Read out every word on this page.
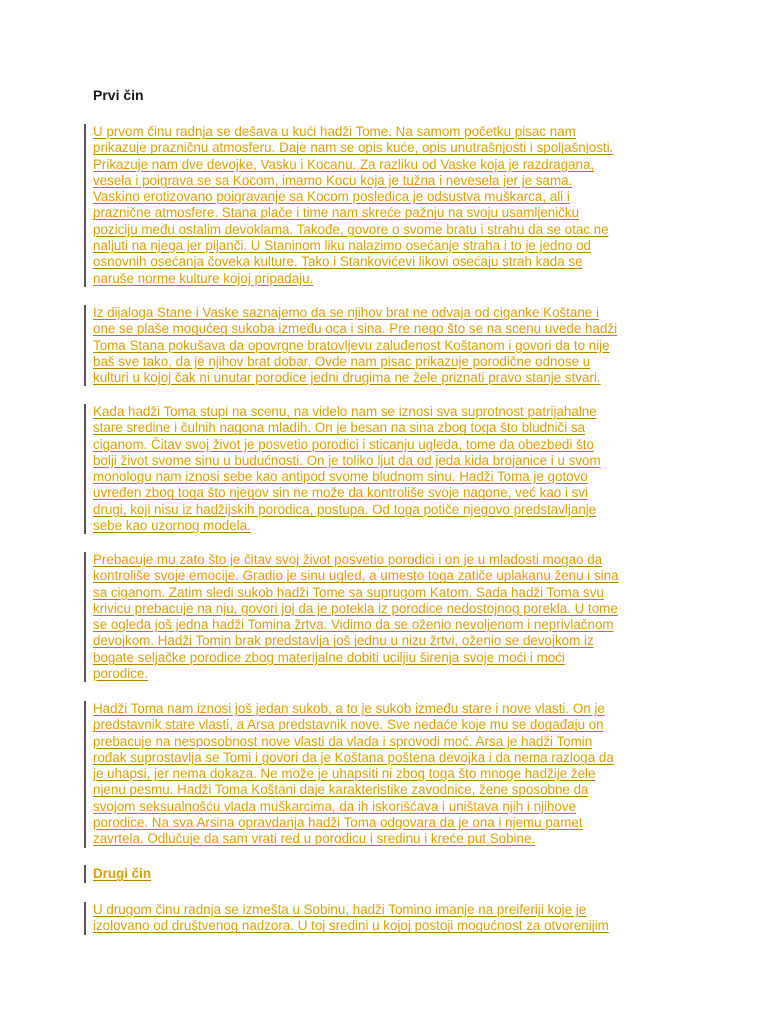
Prvi čin

U prvom činu radnja se dešava u kući hadži Tome. Na samom početku pisac nam
prikazuje prazničnu atmosferu. Daje nam se opis kuće, opis unutrašnjosti i spoljašnjosti.
Prikazuje nam dve devojke, Vasku i Kocanu. Za razliku od Vaske koja je razdragana,
vesela i poigrava se sa Kocom, imamo Kocu koja je tužna i nevesela jer je sama.
Vaskino erotizovano poigravanje sa Kocom posledica je odsustva muškarca, ali i
praznične atmosfere. Stana plače i time nam skreće pažnju na svoju usamljeničku
poziciju među ostalim devoklama. Takođe, govore o svome bratu i strahu da se otac ne
naljuti na njega jer pijanči. U Staninom liku nalazimo osećanje straha i to je jedno od
osnovnih osećanja čoveka kulture. Tako i Stankovićevi likovi osećaju strah kada se
naruše norme kulture kojoj pripadaju.

Iz dijaloga Stane i Vaske saznajemo da se njihov brat ne odvaja od ciganke Koštane i
one se plaše mogućeg sukoba između oca i sina. Pre nego što se na scenu uvede hadži
Toma Stana pokušava da opovrgne bratovljevu zaluđenost Koštanom i govori da to nije
baš sve tako, da je njihov brat dobar. Ovde nam pisac prikazuje porodične odnose u
kulturi u kojoj čak ni unutar porodice jedni drugima ne žele priznati pravo stanje stvari.

Kada hadži Toma stupi na scenu, na videlo nam se iznosi sva suprotnost patrijahalne
stare sredine i čulnih nagona mladih. On je besan na sina zbog toga što bludniči sa
ciganom. Čitav svoj život je posvetio porodici i sticanju ugleda, tome da obezbedi što
bolji život svome sinu u budućnosti. On je toliko ljut da od jeda kida brojanice i u svom
monologu nam iznosi sebe kao antipod svome bludnom sinu. Hadži Toma je gotovo
uvređen zbog toga što njegov sin ne može da kontroliše svoje nagone, već kao i svi
drugi, koji nisu iz hadžijskih porodica, postupa. Od toga potiče njegovo predstavljanje
sebe kao uzornog modela.

Prebacuje mu zato što je čitav svoj život posvetio porodici i on je u mladosti mogao da
kontroliše svoje emocije. Gradio je sinu ugled, a umesto toga zatiče uplakanu ženu i sina
sa ciganom. Zatim sledi sukob hadži Tome sa suprugom Katom. Sada hadži Toma svu
krivicu prebacuje na nju, govori joj da je potekla iz porodice nedostojnog porekla. U tome
se ogleda još jedna hadži Tomina žrtva. Vidimo da se oženio nevoljenom i neprivlačnom
devojkom. Hadži Tomin brak predstavlja još jednu u nizu žrtvi, oženio se devojkom iz
bogate seljačke porodice zbog materijalne dobiti uciljiu širenja svoje moći i moći
porodice.

Hadži Toma nam iznosi još jedan sukob, a to je sukob između stare i nove vlasti. On je
predstavnik stare vlasti, a Arsa predstavnik nove. Sve nedaće koje mu se događaju on
prebacuje na nesposobnost nove vlasti da vlada i sprovodi moć. Arsa je hadži Tomin
rođak suprostavlja se Tomi i govori da je Koštana poštena devojka i da nema razloga da
je uhapsi, jer nema dokaza. Ne može je uhapsiti ni zbog toga što mnoge hadžije žele
njenu pesmu. Hadži Toma Koštani daje karakteristike zavodnice, žene sposobne da
svojom seksualnošću vlada muškarcima, da ih iskorišćava i uništava njih i njihove
porodice. Na sva Arsina opravdanja hadži Toma odgovara da je ona i njemu pamet
zavrtela. Odlučuje da sam vrati red u porodicu i sredinu i kreće put Sobine.

Drugi čin

U drugom činu radnja se izmešta u Sobinu, hadži Tomino imanje na preiferiji koje je
izolovano od društvenog nadzora. U toj sredini u kojoj postoji mogućnost za otvorenijim
